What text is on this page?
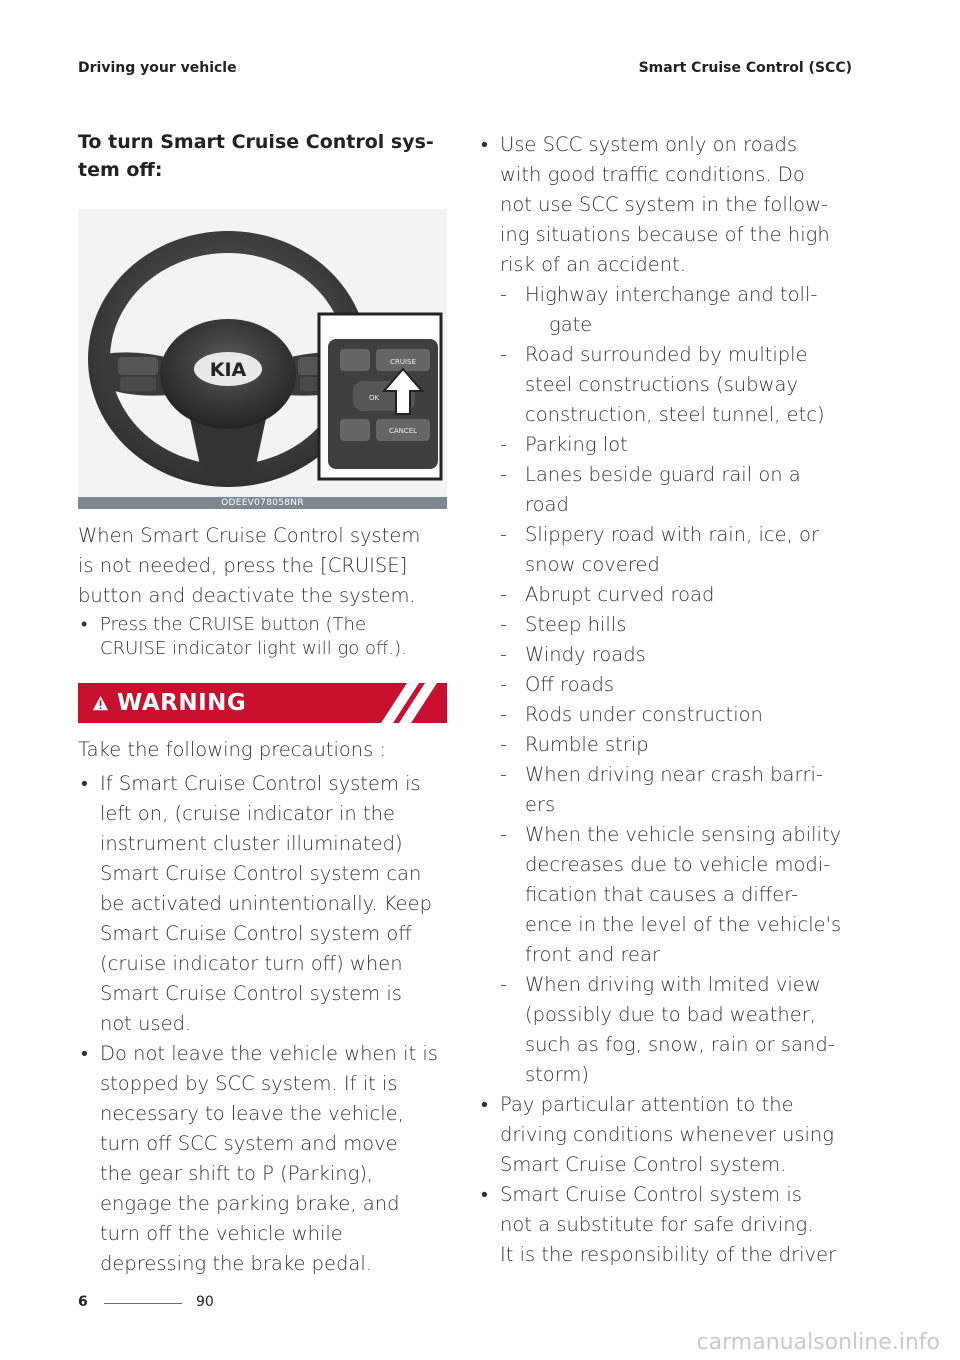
Driving your vehicle	Smart Cruise Control (SCC)
To turn Smart Cruise Control sys-
tem off:
KIA	CRUISE
OK
CANCEL
ODEEV078058NR
When Smart Cruise Control system
is not needed, press the [CRUISE]
button and deactivate the system.
• Press the CRUISE button (The
CRUISE indicator light will go off.).
WARNING
Take the following precautions :
• If Smart Cruise Control system is
left on, (cruise indicator in the
instrument cluster illuminated)
Smart Cruise Control system can
be activated unintentionally. Keep
Smart Cruise Control system off
(cruise indicator turn off) when
Smart Cruise Control system is
not used.
• Do not leave the vehicle when it is
stopped by SCC system. If it is
necessary to leave the vehicle,
turn off SCC system and move
the gear shift to P (Parking),
engage the parking brake, and
turn off the vehicle while
depressing the brake pedal.
• Use SCC system only on roads
with good traffic conditions. Do
not use SCC system in the follow-
ing situations because of the high
risk of an accident.
- Highway interchange and toll-
gate
- Road surrounded by multiple
steel constructions (subway
construction, steel tunnel, etc)
- Parking lot
- Lanes beside guard rail on a
road
- Slippery road with rain, ice, or
snow covered
- Abrupt curved road
- Steep hills
- Windy roads
- Off roads
- Rods under construction
- Rumble strip
- When driving near crash barri-
ers
- When the vehicle sensing ability
decreases due to vehicle modi-
fication that causes a differ-
ence in the level of the vehicle's
front and rear
- When driving with lmited view
(possibly due to bad weather,
such as fog, snow, rain or sand-
storm)
• Pay particular attention to the
driving conditions whenever using
Smart Cruise Control system.
• Smart Cruise Control system is
not a substitute for safe driving.
It is the responsibility of the driver
6	90
carmanualsonline.info
